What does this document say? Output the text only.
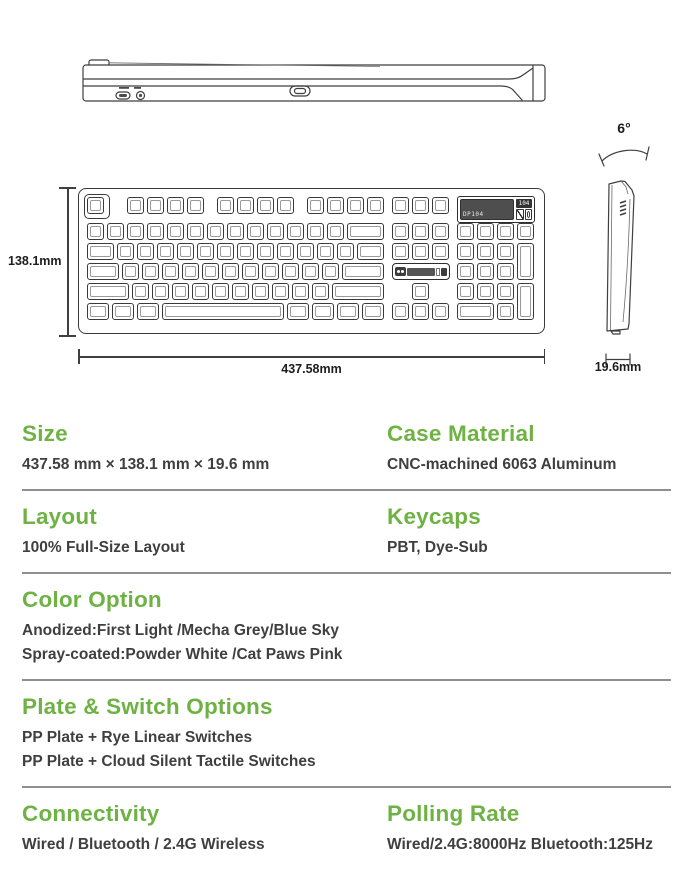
DP104
104
138.1mm
437.58mm
6°
19.6mm
Size
437.58 mm × 138.1 mm × 19.6 mm
Case Material
CNC-machined 6063 Aluminum
Layout
100% Full-Size Layout
Keycaps
PBT, Dye-Sub
Color Option
Anodized:First Light /Mecha Grey/Blue Sky
Spray-coated:Powder White /Cat Paws Pink
Plate & Switch Options
PP Plate + Rye Linear Switches
PP Plate + Cloud Silent Tactile Switches
Connectivity
Wired / Bluetooth / 2.4G Wireless
Polling Rate
Wired/2.4G:8000Hz Bluetooth:125Hz
